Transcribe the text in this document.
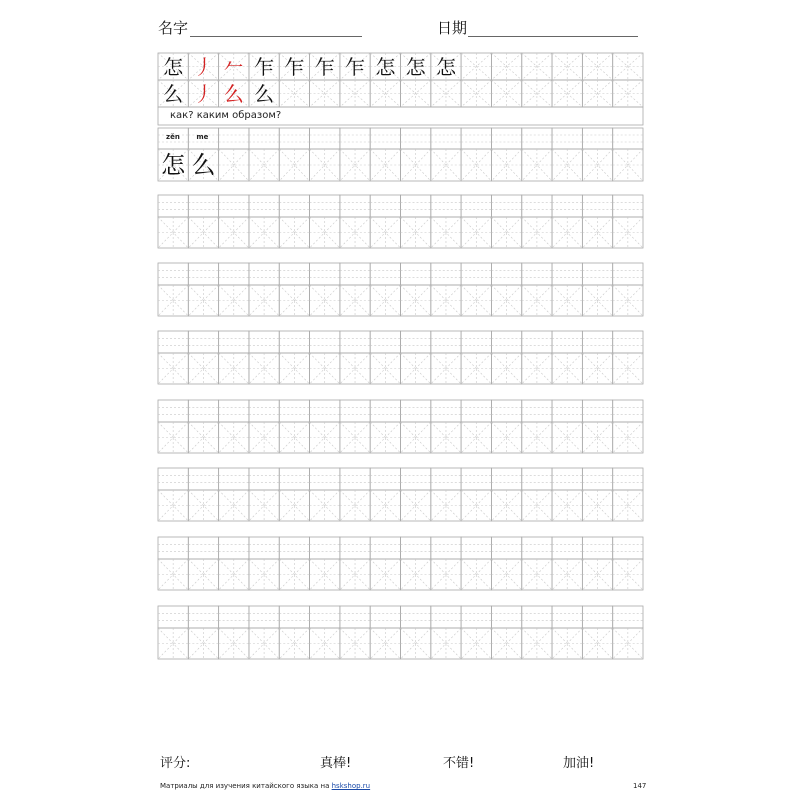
名字	日期
怎 丿 𠂉 乍 乍 乍 乍 怎 怎 怎
么 丿 么 么
как? каким образом?
zěn me
怎 么
评分:	真棒!	不错!	加油!
Матриалы для изучения китайского языка на hskshop.ru	147
